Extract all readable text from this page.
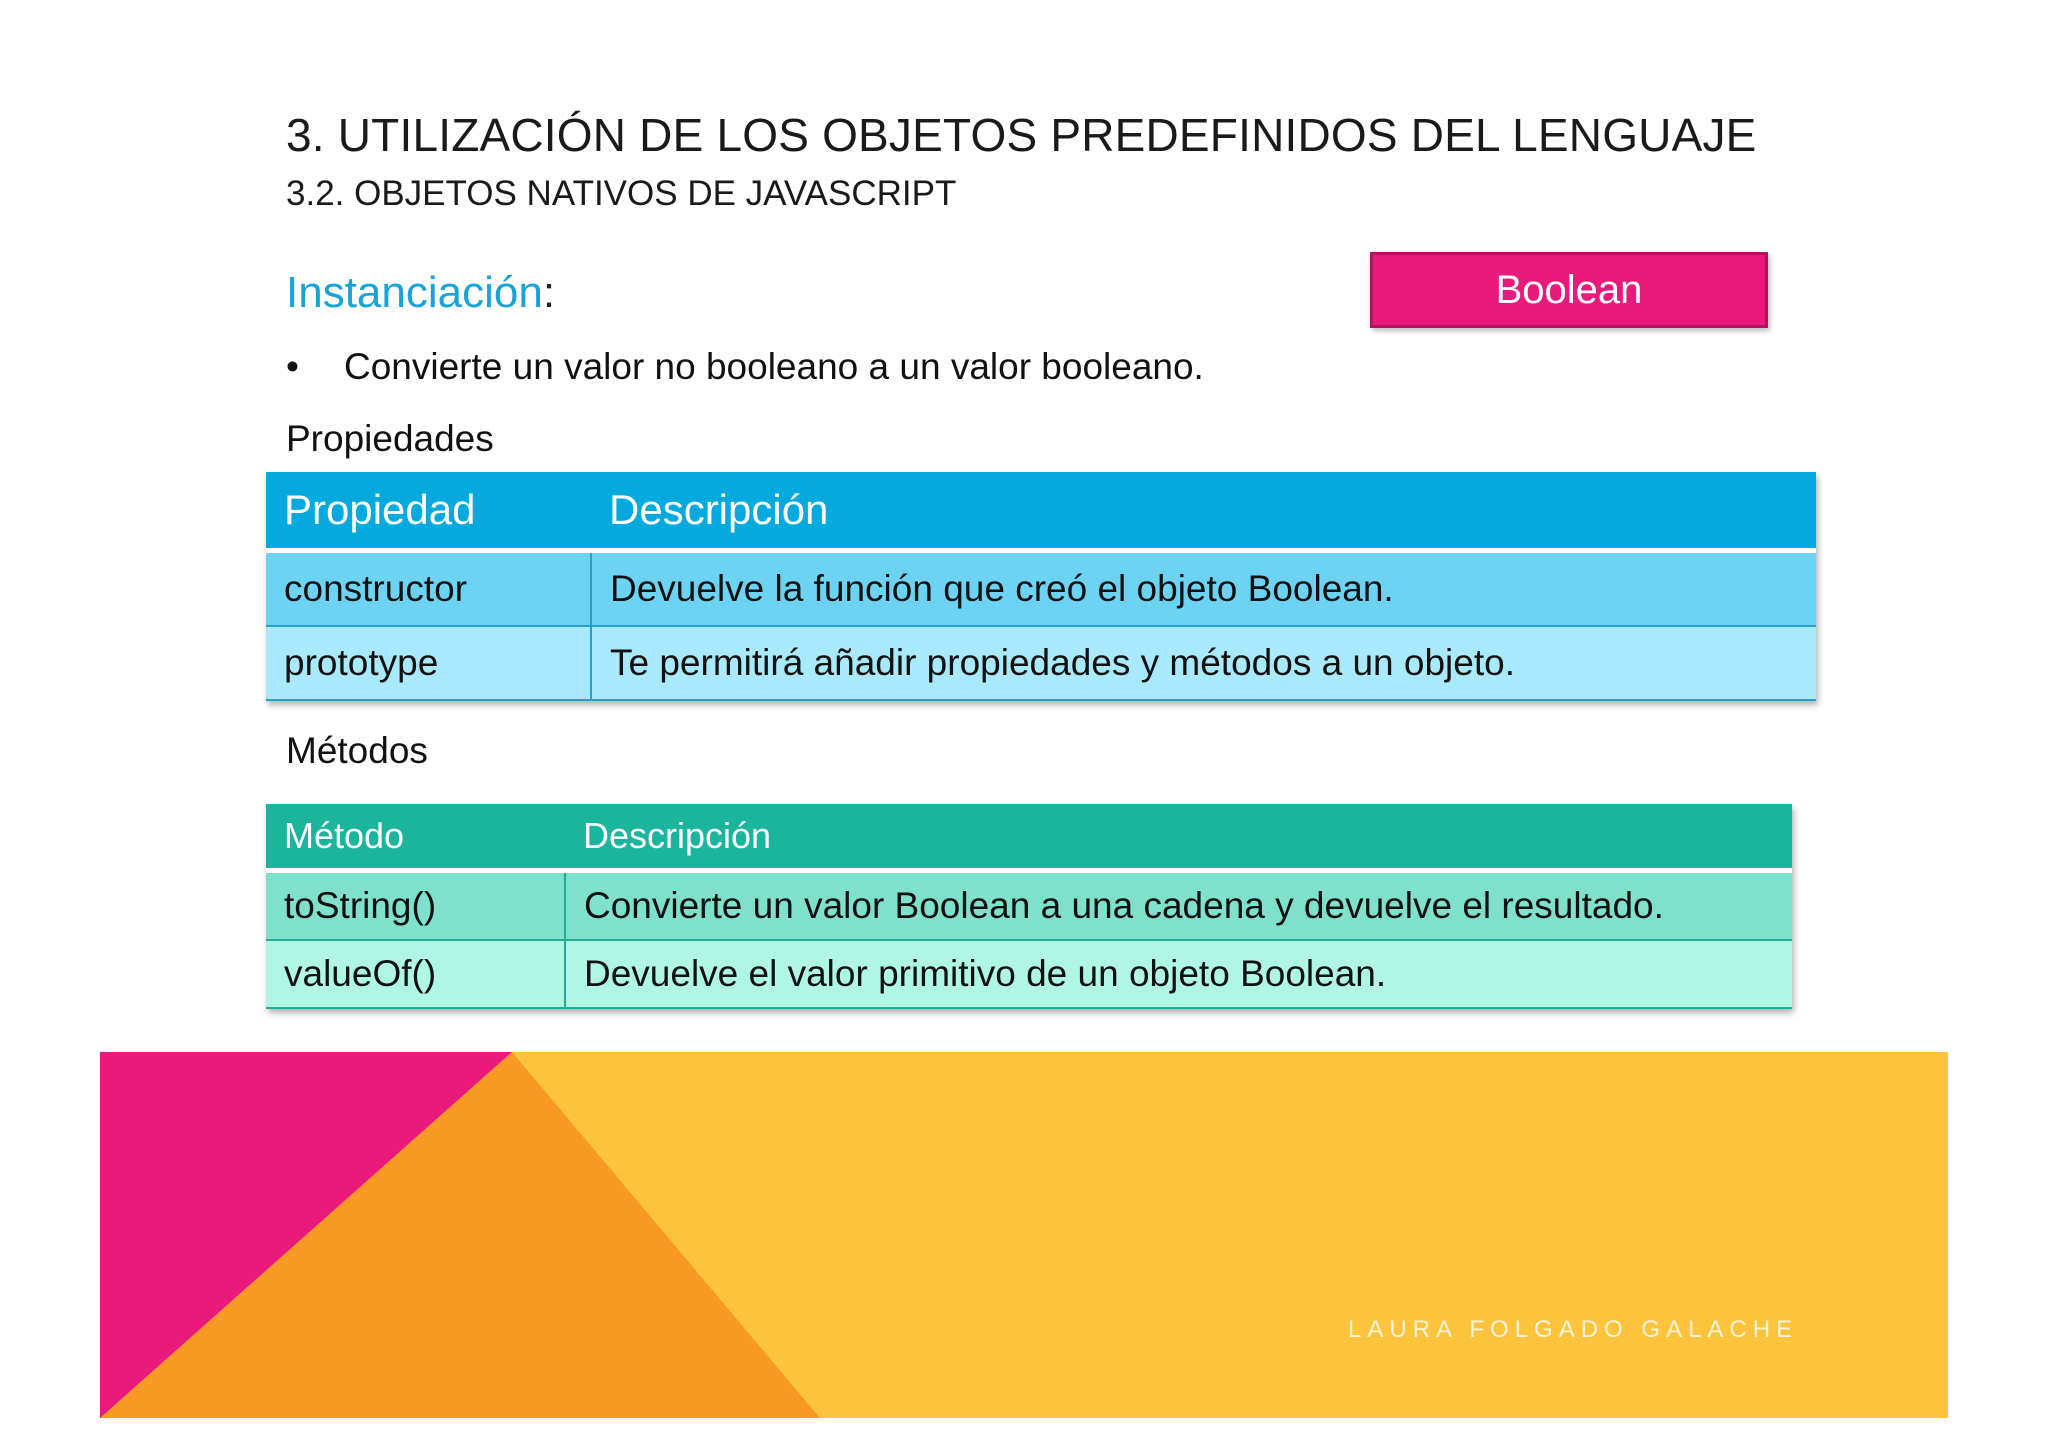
3. UTILIZACIÓN DE LOS OBJETOS PREDEFINIDOS DEL LENGUAJE
3.2. OBJETOS NATIVOS DE JAVASCRIPT
Instanciación:	Boolean
•	Convierte un valor no booleano a un valor booleano.
Propiedades
Propiedad	Descripción
constructor	Devuelve la función que creó el objeto Boolean.
prototype	Te permitirá añadir propiedades y métodos a un objeto.
Métodos
Método	Descripción
toString()	Convierte un valor Boolean a una cadena y devuelve el resultado.
valueOf()	Devuelve el valor primitivo de un objeto Boolean.
LAURA FOLGADO GALACHE
